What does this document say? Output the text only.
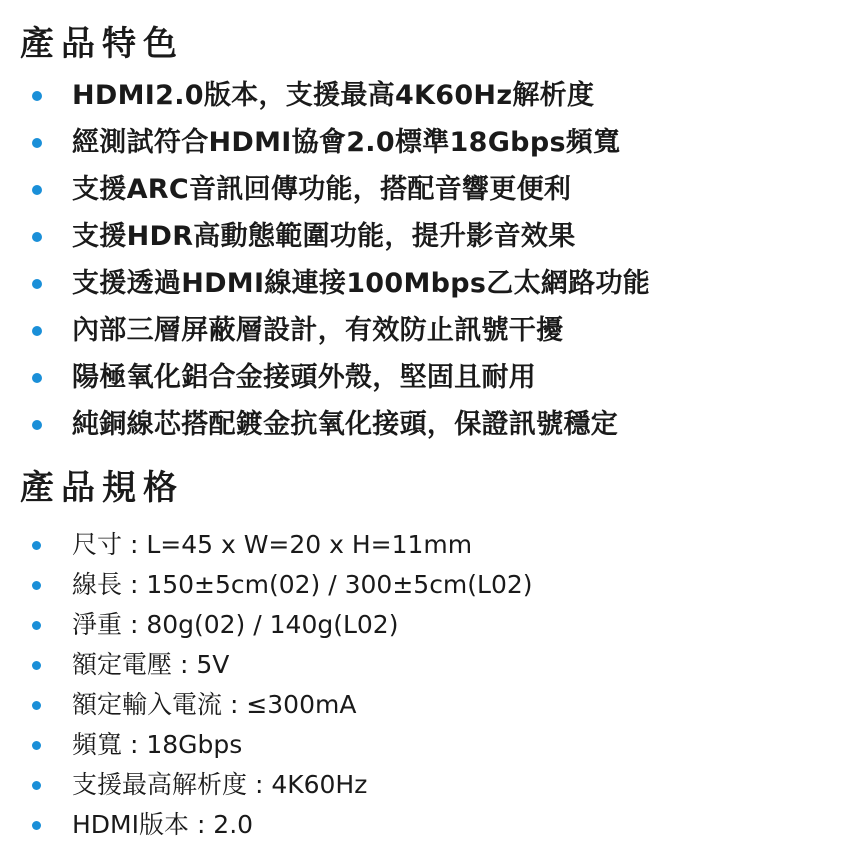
產品特色
HDMI2.0版本，支援最高4K60Hz解析度
經測試符合HDMI協會2.0標準18Gbps頻寬
支援ARC音訊回傳功能，搭配音響更便利
支援HDR高動態範圍功能，提升影音效果
支援透過HDMI線連接100Mbps乙太網路功能
內部三層屏蔽層設計，有效防止訊號干擾
陽極氧化鋁合金接頭外殼，堅固且耐用
純銅線芯搭配鍍金抗氧化接頭，保證訊號穩定
產品規格
尺寸 : L=45 x W=20 x H=11mm
線長 : 150±5cm(02) / 300±5cm(L02)
淨重 : 80g(02) / 140g(L02)
額定電壓 : 5V
額定輸入電流 : ≤300mA
頻寬 : 18Gbps
支援最高解析度 : 4K60Hz
HDMI版本 : 2.0
